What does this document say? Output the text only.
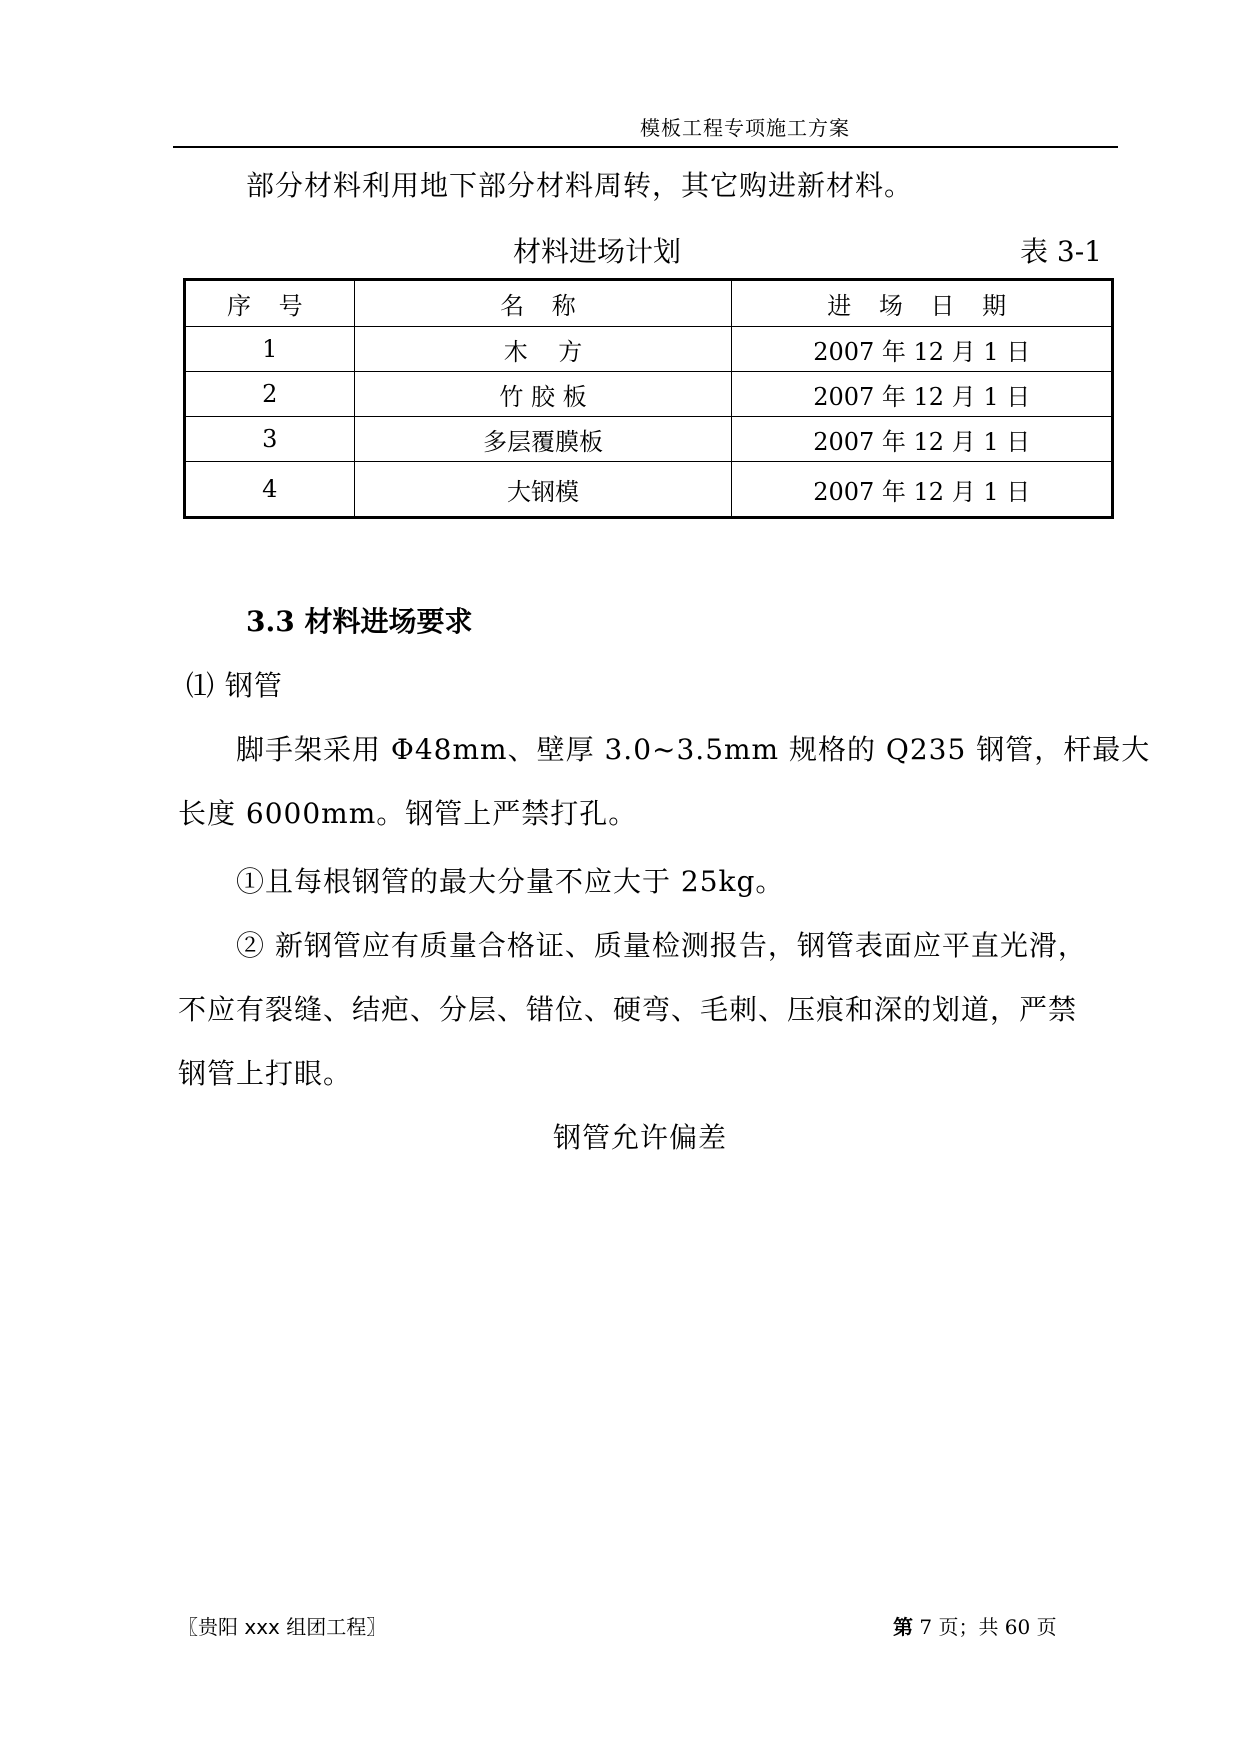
模板工程专项施工方案
部分材料利用地下部分材料周转，其它购进新材料。
材料进场计划	表 3-1
序 号	名 称	进 场 日 期
1	木    方	2007 年 12 月 1 日
2	竹 胶 板	2007 年 12 月 1 日
3	多层覆膜板	2007 年 12 月 1 日
4	大钢模	2007 年 12 月 1 日
3.3 材料进场要求
⑴ 钢管
脚手架采用 Φ48mm、壁厚 3.0~3.5mm 规格的 Q235 钢管，杆最大
长度 6000mm。钢管上严禁打孔。
①且每根钢管的最大分量不应大于 25kg。
② 新钢管应有质量合格证、质量检测报告，钢管表面应平直光滑，
不应有裂缝、结疤、分层、错位、硬弯、毛刺、压痕和深的划道，严禁
钢管上打眼。
钢管允许偏差
〖贵阳 xxx 组团工程〗	第 7 页；共 60 页
